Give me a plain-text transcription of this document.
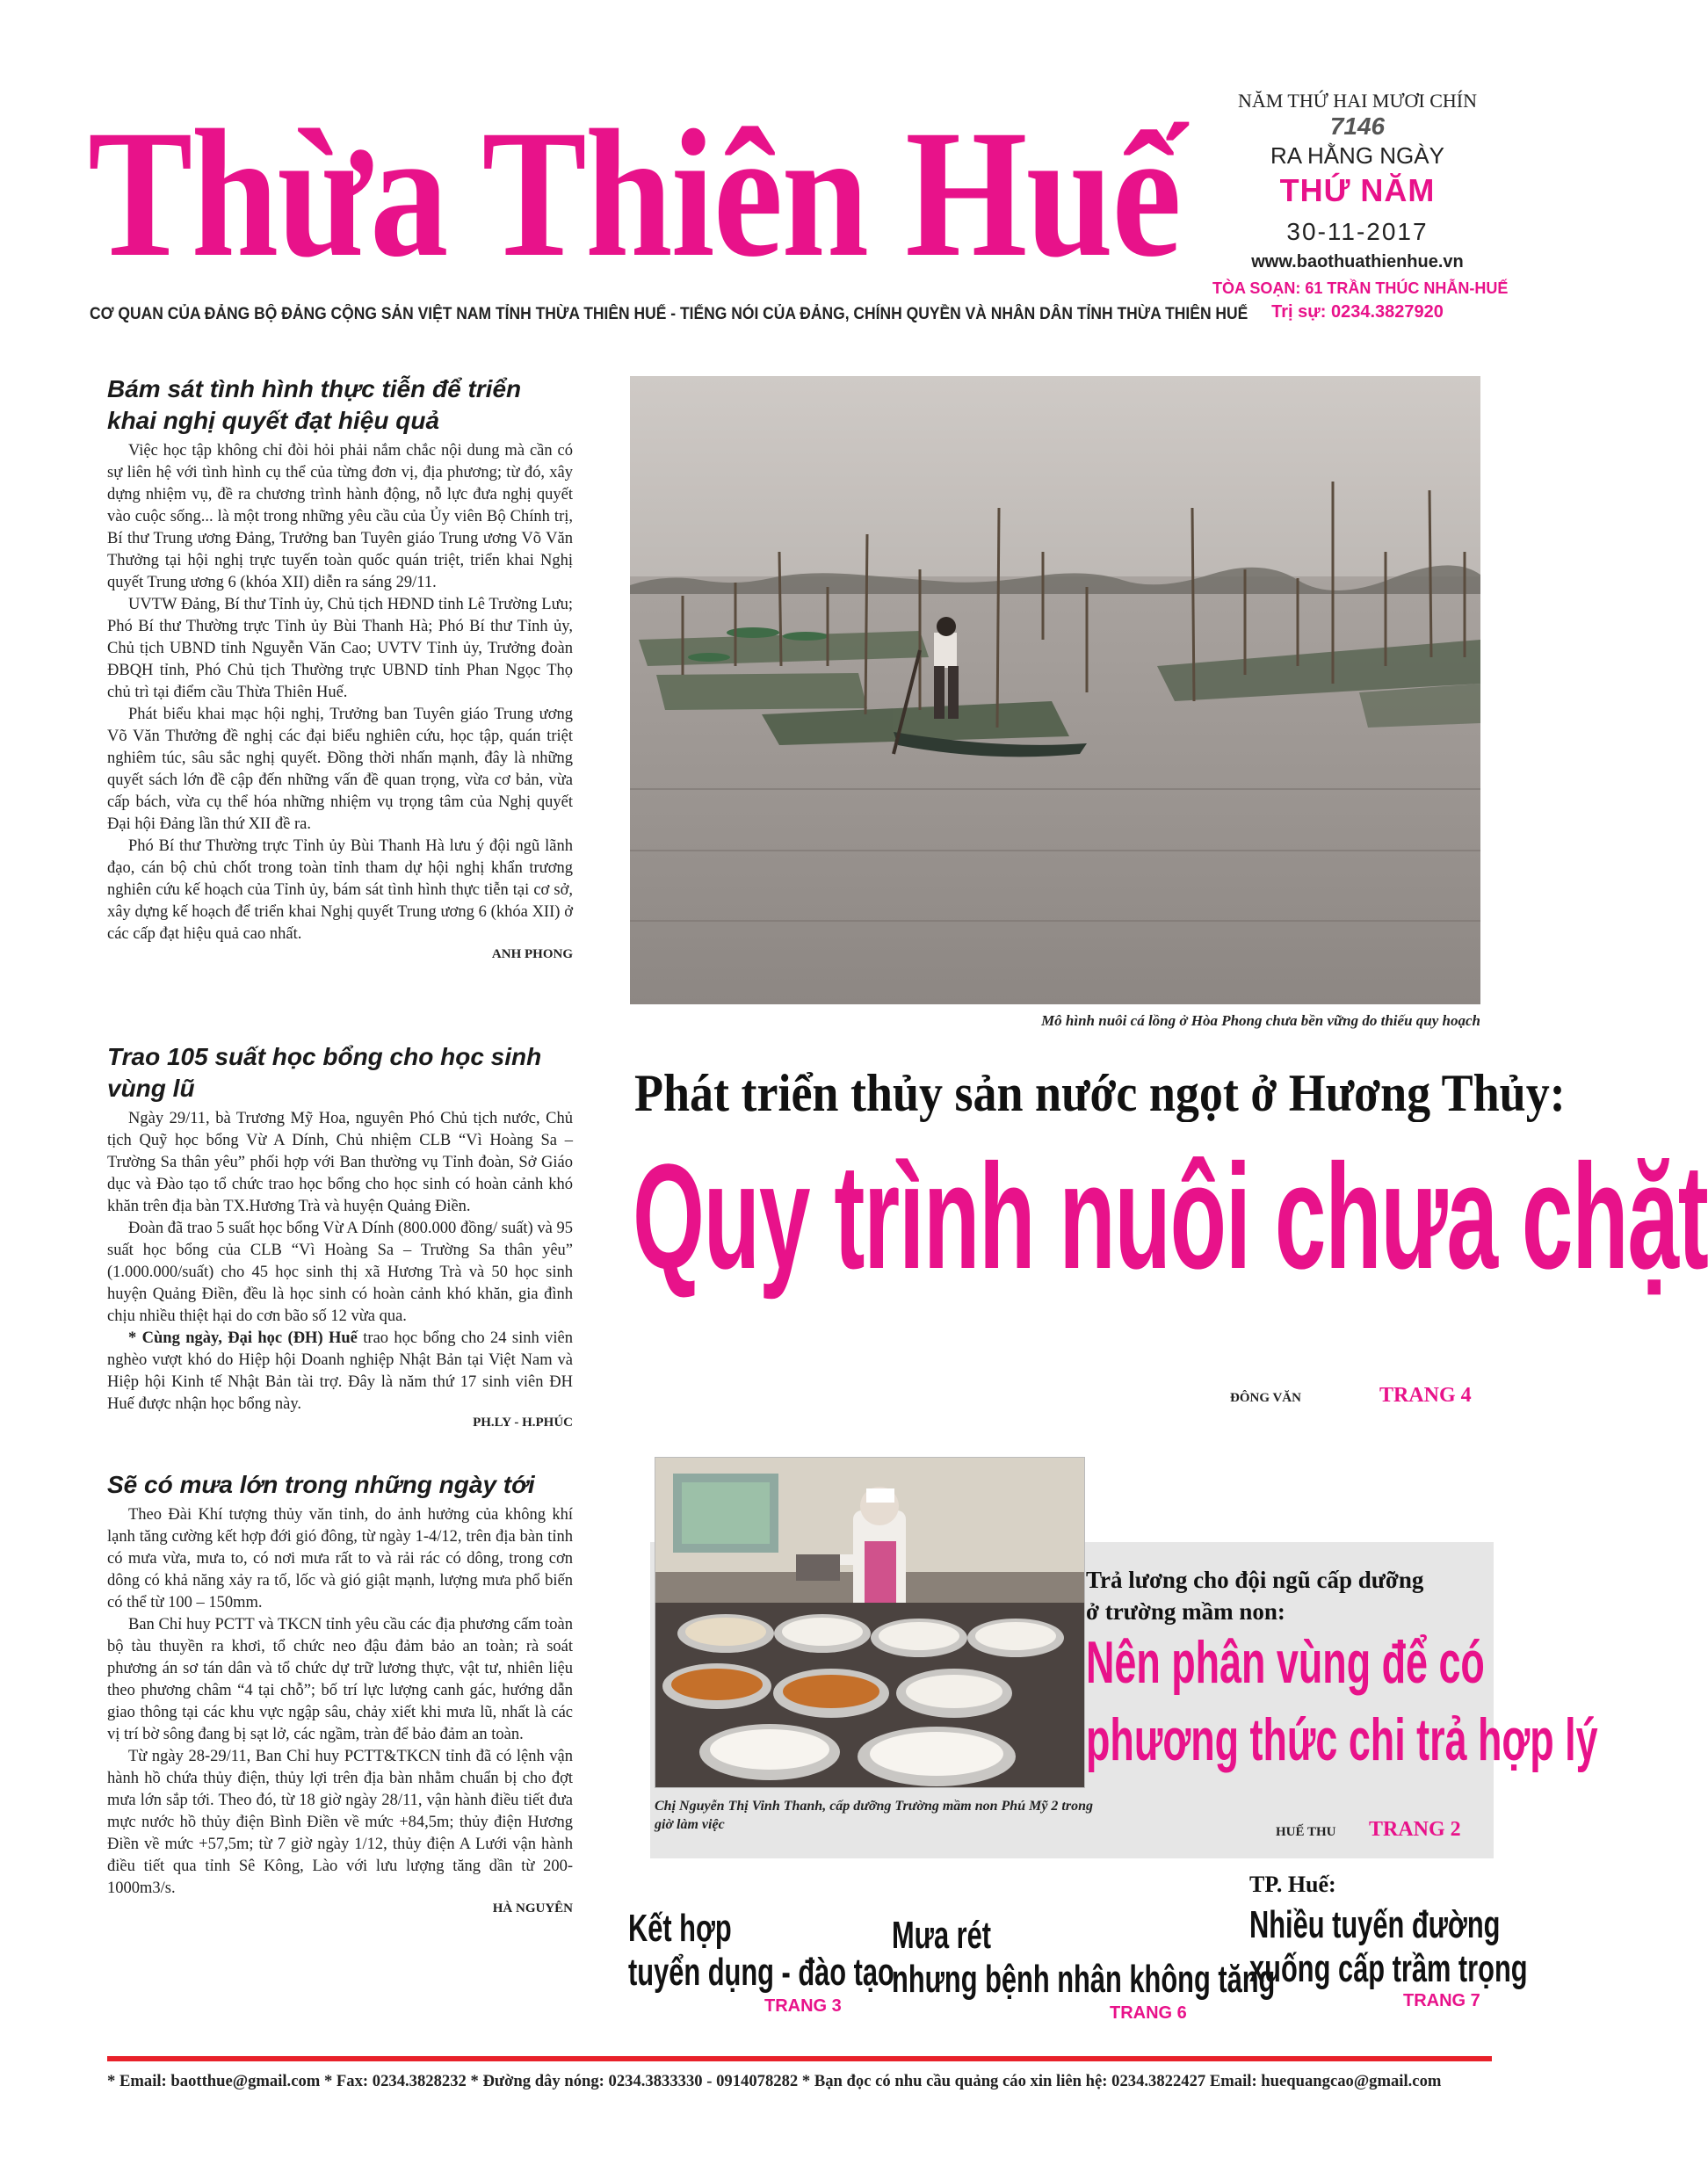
Thừa Thiên Huế
CƠ QUAN CỦA ĐẢNG BỘ ĐẢNG CỘNG SẢN VIỆT NAM TỈNH THỪA THIÊN HUẾ - TIẾNG NÓI CỦA ĐẢNG, CHÍNH QUYỀN VÀ NHÂN DÂN TỈNH THỪA THIÊN HUẾ
NĂM THỨ HAI MƯƠI CHÍN
7146
RA HẰNG NGÀY
THỨ NĂM
30-11-2017
www.baothuathienhue.vn
TÒA SOẠN: 61 TRẦN THÚC NHẪN-HUẾ
Trị sự: 0234.3827920
Bám sát tình hình thực tiễn để triển khai nghị quyết đạt hiệu quả

Việc học tập không chỉ đòi hỏi phải nắm chắc nội dung mà cần có sự liên hệ với tình hình cụ thể của từng đơn vị, địa phương; từ đó, xây dựng nhiệm vụ, đề ra chương trình hành động, nỗ lực đưa nghị quyết vào cuộc sống... là một trong những yêu cầu của Ủy viên Bộ Chính trị, Bí thư Trung ương Đảng, Trưởng ban Tuyên giáo Trung ương Võ Văn Thưởng tại hội nghị trực tuyến toàn quốc quán triệt, triển khai Nghị quyết Trung ương 6 (khóa XII) diễn ra sáng 29/11.

UVTW Đảng, Bí thư Tỉnh ủy, Chủ tịch HĐND tỉnh Lê Trường Lưu; Phó Bí thư Thường trực Tỉnh ủy Bùi Thanh Hà; Phó Bí thư Tỉnh ủy, Chủ tịch UBND tỉnh Nguyễn Văn Cao; UVTV Tỉnh ủy, Trưởng đoàn ĐBQH tỉnh, Phó Chủ tịch Thường trực UBND tỉnh Phan Ngọc Thọ chủ trì tại điểm cầu Thừa Thiên Huế.

Phát biểu khai mạc hội nghị, Trưởng ban Tuyên giáo Trung ương Võ Văn Thưởng đề nghị các đại biểu nghiên cứu, học tập, quán triệt nghiêm túc, sâu sắc nghị quyết. Đồng thời nhấn mạnh, đây là những quyết sách lớn đề cập đến những vấn đề quan trọng, vừa cơ bản, vừa cấp bách, vừa cụ thể hóa những nhiệm vụ trọng tâm của Nghị quyết Đại hội Đảng lần thứ XII đề ra.

Phó Bí thư Thường trực Tỉnh ủy Bùi Thanh Hà lưu ý đội ngũ lãnh đạo, cán bộ chủ chốt trong toàn tỉnh tham dự hội nghị khẩn trương nghiên cứu kế hoạch của Tỉnh ủy, bám sát tình hình thực tiễn tại cơ sở, xây dựng kế hoạch để triển khai Nghị quyết Trung ương 6 (khóa XII) ở các cấp đạt hiệu quả cao nhất.

ANH PHONG
Trao 105 suất học bổng cho học sinh vùng lũ

Ngày 29/11, bà Trương Mỹ Hoa, nguyên Phó Chủ tịch nước, Chủ tịch Quỹ học bổng Vừ A Dính, Chủ nhiệm CLB “Vì Hoàng Sa – Trường Sa thân yêu” phối hợp với Ban thường vụ Tỉnh đoàn, Sở Giáo dục và Đào tạo tổ chức trao học bổng cho học sinh có hoàn cảnh khó khăn trên địa bàn TX.Hương Trà và huyện Quảng Điền.

Đoàn đã trao 5 suất học bổng Vừ A Dính (800.000 đồng/ suất) và 95 suất học bổng của CLB “Vì Hoàng Sa – Trường Sa thân yêu” (1.000.000/suất) cho 45 học sinh thị xã Hương Trà và 50 học sinh huyện Quảng Điền, đều là học sinh có hoàn cảnh khó khăn, gia đình chịu nhiều thiệt hại do cơn bão số 12 vừa qua.

* Cùng ngày, Đại học (ĐH) Huế trao học bổng cho 24 sinh viên nghèo vượt khó do Hiệp hội Doanh nghiệp Nhật Bản tại Việt Nam và Hiệp hội Kinh tế Nhật Bản tài trợ. Đây là năm thứ 17 sinh viên ĐH Huế được nhận học bổng này.

PH.LY - H.PHÚC
Sẽ có mưa lớn trong những ngày tới

Theo Đài Khí tượng thủy văn tỉnh, do ảnh hưởng của không khí lạnh tăng cường kết hợp đới gió đông, từ ngày 1-4/12, trên địa bàn tỉnh có mưa vừa, mưa to, có nơi mưa rất to và rải rác có dông, trong cơn dông có khả năng xảy ra tố, lốc và gió giật mạnh, lượng mưa phổ biến có thể từ 100 – 150mm.

Ban Chỉ huy PCTT và TKCN tỉnh yêu cầu các địa phương cấm toàn bộ tàu thuyền ra khơi, tổ chức neo đậu đảm bảo an toàn; rà soát phương án sơ tán dân và tổ chức dự trữ lương thực, vật tư, nhiên liệu theo phương châm “4 tại chỗ”; bố trí lực lượng canh gác, hướng dẫn giao thông tại các khu vực ngập sâu, chảy xiết khi mưa lũ, nhất là các vị trí bờ sông đang bị sạt lở, các ngầm, tràn để bảo đảm an toàn.

Từ ngày 28-29/11, Ban Chỉ huy PCTT&TKCN tỉnh đã có lệnh vận hành hồ chứa thủy điện, thủy lợi trên địa bàn nhằm chuẩn bị cho đợt mưa lớn sắp tới. Theo đó, từ 18 giờ ngày 28/11, vận hành điều tiết đưa mực nước hồ thủy điện Bình Điền về mức +84,5m; thủy điện Hương Điền về mức +57,5m; từ 7 giờ ngày 1/12, thủy điện A Lưới vận hành điều tiết qua tỉnh Sê Kông, Lào với lưu lượng tăng dần từ 200-1000m3/s.

HÀ NGUYÊN
Mô hình nuôi cá lồng ở Hòa Phong chưa bền vững do thiếu quy hoạch
Phát triển thủy sản nước ngọt ở Hương Thủy:
Quy trình nuôi chưa chặt
ĐÔNG VĂN	TRANG 4
Chị Nguyễn Thị Vinh Thanh, cấp dưỡng Trường mầm non Phú Mỹ 2 trong giờ làm việc
Trả lương cho đội ngũ cấp dưỡng
ở trường mầm non:
Nên phân vùng để có
phương thức chi trả hợp lý
HUẾ THU TRANG 2
Kết hợp
tuyển dụng - đào tạo
TRANG 3
Mưa rét
nhưng bệnh nhân không tăng
TRANG 6
TP. Huế:
Nhiều tuyến đường
xuống cấp trầm trọng
TRANG 7
* Email: baotthue@gmail.com * Fax: 0234.3828232 * Đường dây nóng: 0234.3833330 - 0914078282 * Bạn đọc có nhu cầu quảng cáo xin liên hệ: 0234.3822427 Email: huequangcao@gmail.com
